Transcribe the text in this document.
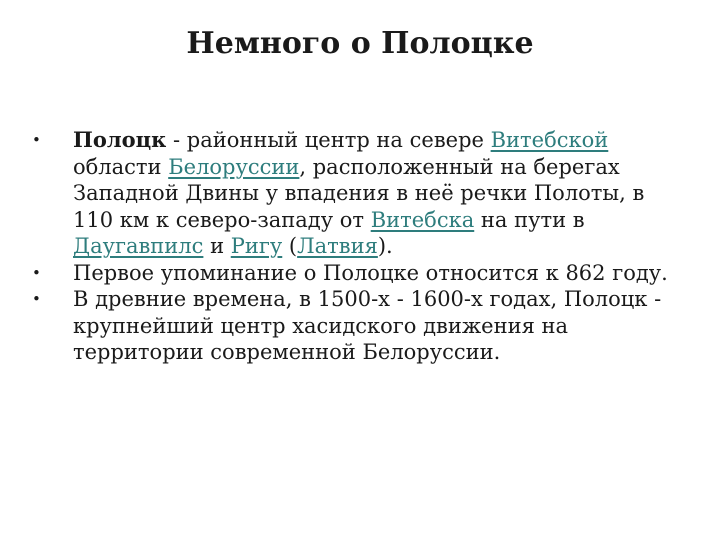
Немного о Полоцке
• Полоцк - районный центр на севере Витебской области Белоруссии, расположенный на берегах Западной Двины у впадения в неё речки Полоты, в 110 км к северо-западу от Витебска на пути в Даугавпилс и Ригу (Латвия).
• Первое упоминание о Полоцке относится к 862 году.
• В древние времена, в 1500-х - 1600-х годах, Полоцк - крупнейший центр хасидского движения на территории современной Белоруссии.
